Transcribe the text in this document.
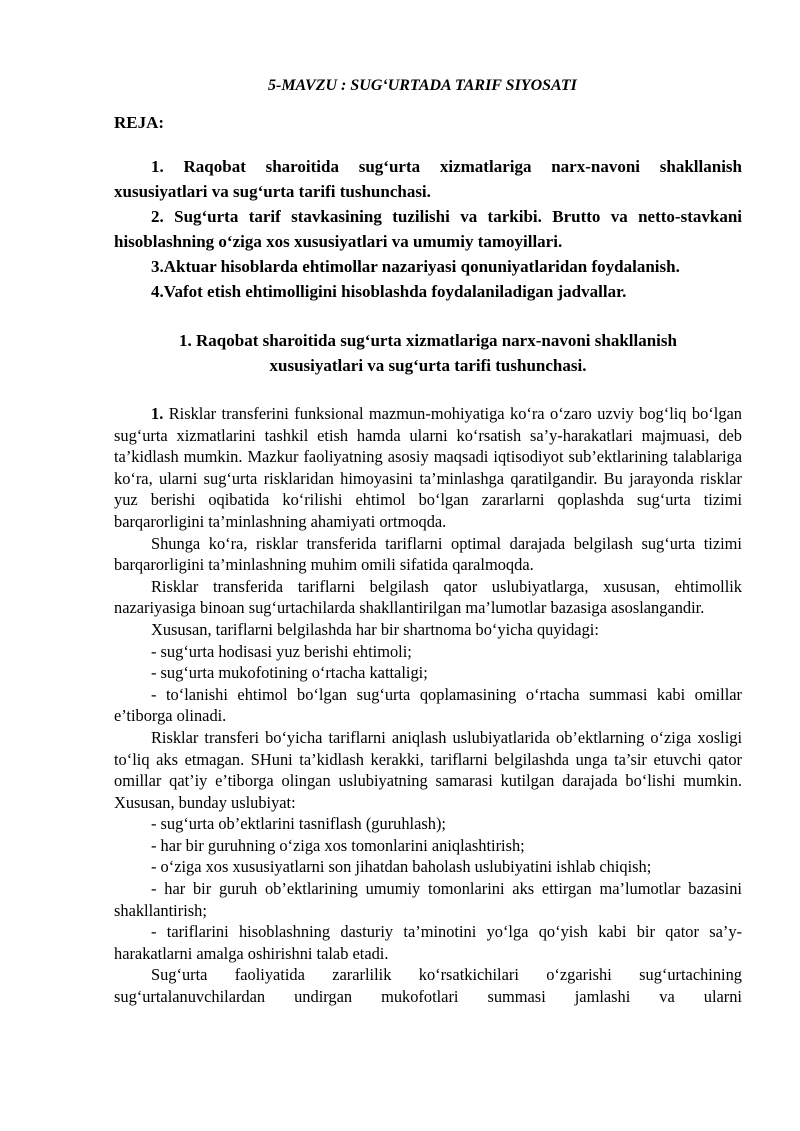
5-MAVZU : SUG‘URTADA TARIF SIYOSATI
REJA:

1. Raqobat sharoitida sug‘urta xizmatlariga narx-navoni shakllanish xususiyatlari va sug‘urta tarifi tushunchasi.

2. Sug‘urta tarif stavkasining tuzilishi va tarkibi. Brutto va netto-stavkani hisoblashning o‘ziga xos xususiyatlari va umumiy tamoyillari.

3.Aktuar hisoblarda ehtimollar nazariyasi qonuniyatlaridan foydalanish.

4.Vafot etish ehtimolligini hisoblashda foydalaniladigan jadvallar.

1. Raqobat sharoitida sug‘urta xizmatlariga narx-navoni shakllanish
xususiyatlari va sug‘urta tarifi tushunchasi.

1. Risklar transferini funksional mazmun-mohiyatiga ko‘ra o‘zaro uzviy bog‘liq bo‘lgan sug‘urta xizmatlarini tashkil etish hamda ularni ko‘rsatish sa’y-harakatlari majmuasi, deb ta’kidlash mumkin. Mazkur faoliyatning asosiy maqsadi iqtisodiyot sub’ektlarining talablariga ko‘ra, ularni sug‘urta risklaridan himoyasini ta’minlashga qaratilgandir. Bu jarayonda risklar yuz berishi oqibatida ko‘rilishi ehtimol bo‘lgan zararlarni qoplashda sug‘urta tizimi barqarorligini ta’minlashning ahamiyati ortmoqda.

Shunga ko‘ra, risklar transferida tariflarni optimal darajada belgilash sug‘urta tizimi barqarorligini ta’minlashning muhim omili sifatida qaralmoqda.

Risklar transferida tariflarni belgilash qator uslubiyatlarga, xususan, ehtimollik nazariyasiga binoan sug‘urtachilarda shakllantirilgan ma’lumotlar bazasiga asoslangandir.

Xususan, tariflarni belgilashda har bir shartnoma bo‘yicha quyidagi:

- sug‘urta hodisasi yuz berishi ehtimoli;

- sug‘urta mukofotining o‘rtacha kattaligi;

- to‘lanishi ehtimol bo‘lgan sug‘urta qoplamasining o‘rtacha summasi kabi omillar e’tiborga olinadi.

Risklar transferi bo‘yicha tariflarni aniqlash uslubiyatlarida ob’ektlarning o‘ziga xosligi to‘liq aks etmagan. SHuni ta’kidlash kerakki, tariflarni belgilashda unga ta’sir etuvchi qator omillar qat’iy e’tiborga olingan uslubiyatning samarasi kutilgan darajada bo‘lishi mumkin. Xususan, bunday uslubiyat:

- sug‘urta ob’ektlarini tasniflash (guruhlash);

- har bir guruhning o‘ziga xos tomonlarini aniqlashtirish;

- o‘ziga xos xususiyatlarni son jihatdan baholash uslubiyatini ishlab chiqish;

- har bir guruh ob’ektlarining umumiy tomonlarini aks ettirgan ma’lumotlar bazasini shakllantirish;

- tariflarini hisoblashning dasturiy ta’minotini yo‘lga qo‘yish kabi bir qator sa’y-harakatlarni amalga oshirishni talab etadi.

Sug‘urta faoliyatida zararlilik ko‘rsatkichilari o‘zgarishi sug‘urtachining sug‘urtalanuvchilardan undirgan mukofotlari summasi jamlashi va ularni
